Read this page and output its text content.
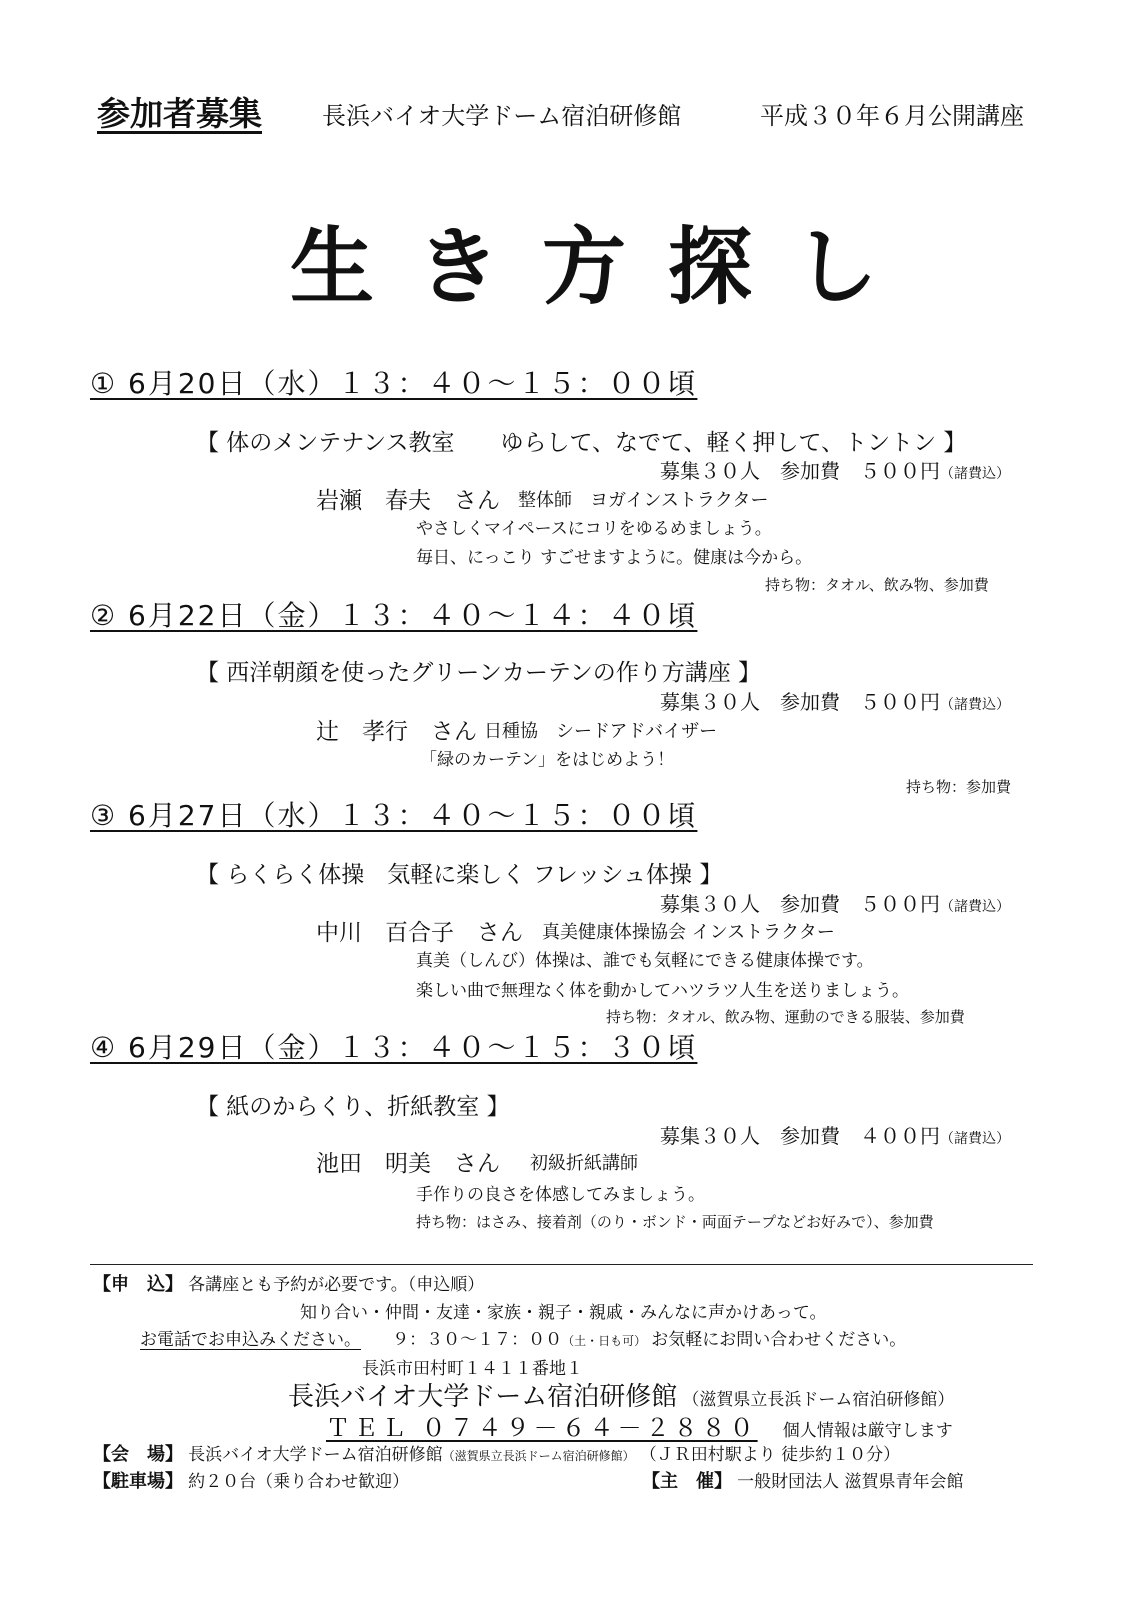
参加者募集	長浜バイオ大学ドーム宿泊研修館	平成３０年６月公開講座
生き方探し
① 6月20日（水）１３：４０～１５：００頃
【 体のメンテナンス教室　　ゆらして、なでて、軽く押して、トントン 】
募集３０人　参加費　５００円（諸費込）
岩瀬　春夫　さん 整体師　ヨガインストラクター
やさしくマイペースにコリをゆるめましょう。
毎日、にっこり すごせますように。健康は今から。
持ち物：タオル、飲み物、参加費
② 6月22日（金）１３：４０～１４：４０頃
【 西洋朝顔を使ったグリーンカーテンの作り方講座 】
募集３０人　参加費　５００円（諸費込）
辻　孝行　さん 日種協　シードアドバイザー
「緑のカーテン」をはじめよう！
持ち物：参加費
③ 6月27日（水）１３：４０～１５：００頃
【 らくらく体操　気軽に楽しく フレッシュ体操 】
募集３０人　参加費　５００円（諸費込）
中川　百合子　さん 真美健康体操協会 インストラクター
真美（しんび）体操は、誰でも気軽にできる健康体操です。
楽しい曲で無理なく体を動かしてハツラツ人生を送りましょう。
持ち物：タオル、飲み物、運動のできる服装、参加費
④ 6月29日（金）１３：４０～１５：３０頃
【 紙のからくり、折紙教室 】
募集３０人　参加費　４００円（諸費込）
池田　明美　さん 初級折紙講師
手作りの良さを体感してみましょう。
持ち物：はさみ、接着剤（のり・ボンド・両面テープなどお好みで）、参加費
【申　込】 各講座とも予約が必要です。（申込順）
知り合い・仲間・友達・家族・親子・親戚・みんなに声かけあって。
お電話でお申込みください。 ９：３０～１７：００（土・日も可） お気軽にお問い合わせください。
長浜市田村町１４１１番地１
長浜バイオ大学ドーム宿泊研修館 （滋賀県立長浜ドーム宿泊研修館）
ＴＥＬ ０７４９－６４－２８８０ 個人情報は厳守します
【会　場】 長浜バイオ大学ドーム宿泊研修館（滋賀県立長浜ドーム宿泊研修館） （ＪＲ田村駅より 徒歩約１０分）
【駐車場】 約２０台（乗り合わせ歓迎）	【主　催】 一般財団法人 滋賀県青年会館
